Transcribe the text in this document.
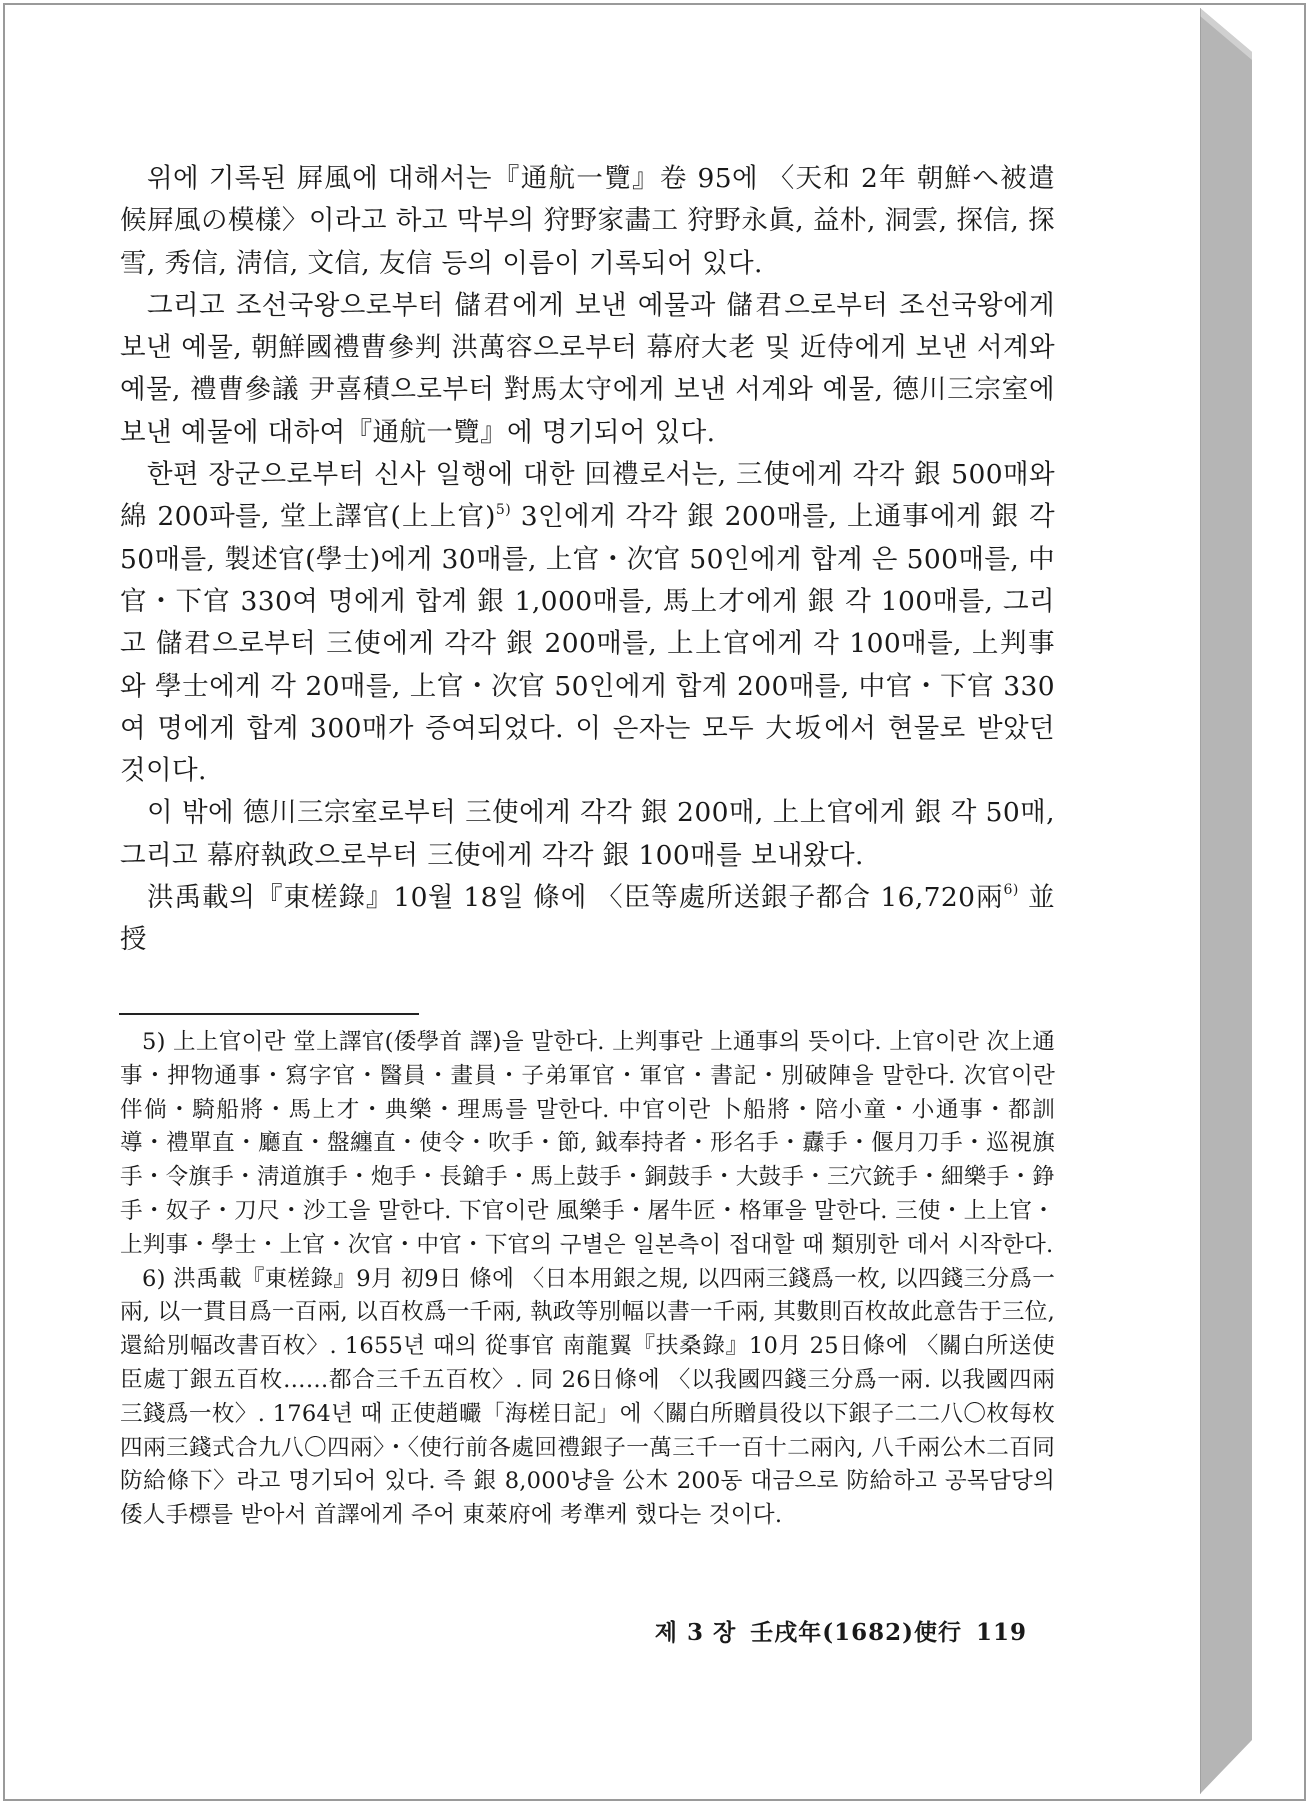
위에 기록된 屛風에 대해서는『通航一覽』卷 95에 〈天和 2年 朝鮮へ被遣候屛風の模樣〉이라고 하고 막부의 狩野家畵工 狩野永眞, 益朴, 洞雲, 探信, 探雪, 秀信, 淸信, 文信, 友信 등의 이름이 기록되어 있다.

그리고 조선국왕으로부터 儲君에게 보낸 예물과 儲君으로부터 조선국왕에게 보낸 예물, 朝鮮國禮曹參判 洪萬容으로부터 幕府大老 및 近侍에게 보낸 서계와 예물, 禮曹參議 尹喜積으로부터 對馬太守에게 보낸 서계와 예물, 德川三宗室에 보낸 예물에 대하여『通航一覽』에 명기되어 있다.

한편 장군으로부터 신사 일행에 대한 回禮로서는, 三使에게 각각 銀 500매와 綿 200파를, 堂上譯官(上上官)$^{5)}$ 3인에게 각각 銀 200매를, 上通事에게 銀 각 50매를, 製述官(學士)에게 30매를, 上官・次官 50인에게 합계 은 500매를, 中官・下官 330여 명에게 합계 銀 1,000매를, 馬上才에게 銀 각 100매를, 그리고 儲君으로부터 三使에게 각각 銀 200매를, 上上官에게 각 100매를, 上判事와 學士에게 각 20매를, 上官・次官 50인에게 합계 200매를, 中官・下官 330여 명에게 합계 300매가 증여되었다. 이 은자는 모두 大坂에서 현물로 받았던 것이다.

이 밖에 德川三宗室로부터 三使에게 각각 銀 200매, 上上官에게 銀 각 50매, 그리고 幕府執政으로부터 三使에게 각각 銀 100매를 보내왔다.

洪禹載의『東槎錄』10월 18일 條에 〈臣等處所送銀子都合 16,720兩$^{6)}$ 並授

5) 上上官이란 堂上譯官(倭學首 譯)을 말한다. 上判事란 上通事의 뜻이다. 上官이란 次上通事・押物通事・寫字官・醫員・畫員・子弟軍官・軍官・書記・別破陣을 말한다. 次官이란 伴倘・騎船將・馬上才・典樂・理馬를 말한다. 中官이란 卜船將・陪小童・小通事・都訓導・禮單直・廳直・盤纏直・使令・吹手・節, 鉞奉持者・形名手・纛手・偃月刀手・巡視旗手・令旗手・淸道旗手・炮手・長鎗手・馬上鼓手・銅鼓手・大鼓手・三穴銃手・細樂手・錚手・奴子・刀尺・沙工을 말한다. 下官이란 風樂手・屠牛匠・格軍을 말한다. 三使・上上官・上判事・學士・上官・次官・中官・下官의 구별은 일본측이 접대할 때 類別한 데서 시작한다.

6) 洪禹載『東槎錄』9月 初9日 條에 〈日本用銀之規, 以四兩三錢爲一枚, 以四錢三分爲一兩, 以一貫目爲一百兩, 以百枚爲一千兩, 執政等別幅以書一千兩, 其數則百枚故此意告于三位, 還給別幅改書百枚〉. 1655년 때의 從事官 南龍翼『扶桑錄』10月 25日條에 〈關白所送使臣處丁銀五百枚……都合三千五百枚〉. 同 26日條에 〈以我國四錢三分爲一兩. 以我國四兩三錢爲一枚〉. 1764년 때 正使趙曮「海槎日記」에〈關白所贈員役以下銀子二二八〇枚每枚四兩三錢式合九八〇四兩〉・〈使行前各處回禮銀子一萬三千一百十二兩內, 八千兩公木二百同防給條下〉라고 명기되어 있다. 즉 銀 8,000냥을 公木 200동 대금으로 防給하고 공목담당의 倭人手標를 받아서 首譯에게 주어 東萊府에 考準케 했다는 것이다.

제 3 장 壬戌年(1682)使行 119
